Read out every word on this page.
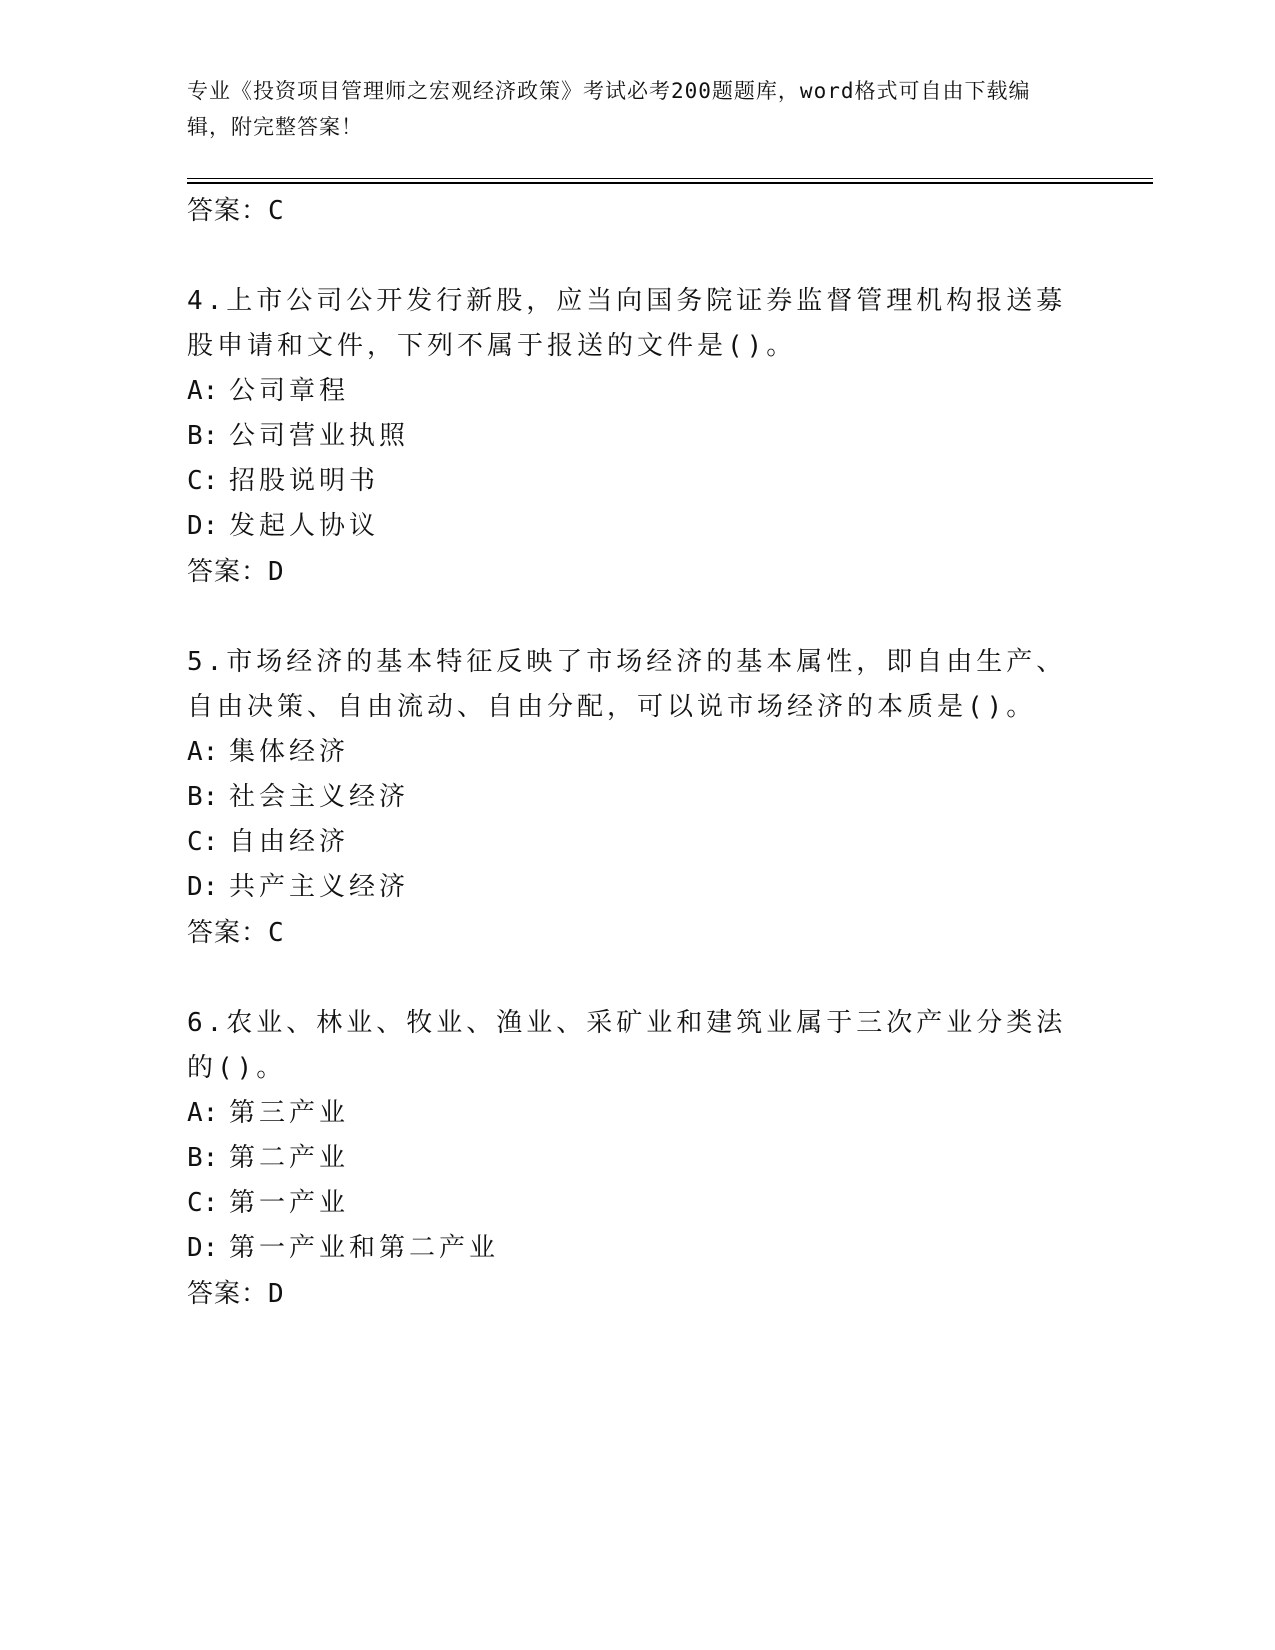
专业《投资项目管理师之宏观经济政策》考试必考200题题库，word格式可自由下载编辑，附完整答案！
答案：C
4.上市公司公开发行新股，应当向国务院证券监督管理机构报送募股申请和文件，下列不属于报送的文件是()。
A: 公司章程
B: 公司营业执照
C: 招股说明书
D: 发起人协议
答案：D
5.市场经济的基本特征反映了市场经济的基本属性，即自由生产、自由决策、自由流动、自由分配，可以说市场经济的本质是()。
A: 集体经济
B: 社会主义经济
C: 自由经济
D: 共产主义经济
答案：C
6.农业、林业、牧业、渔业、采矿业和建筑业属于三次产业分类法的()。
A: 第三产业
B: 第二产业
C: 第一产业
D: 第一产业和第二产业
答案：D
